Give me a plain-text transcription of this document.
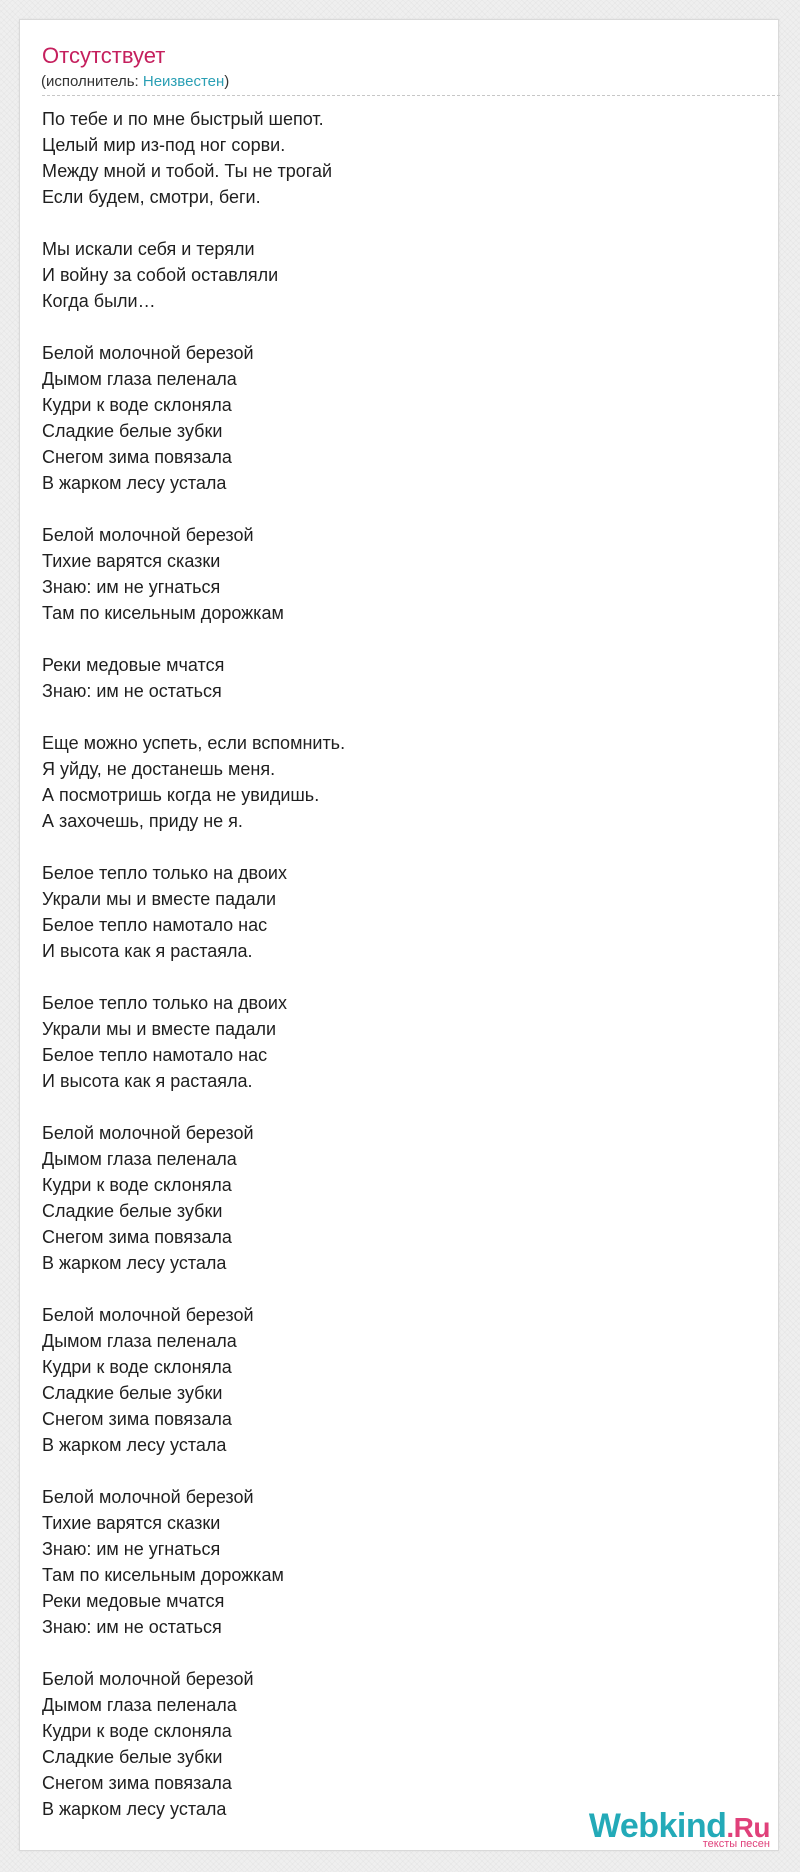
Отсутствует
(исполнитель: Неизвестен)
По тебе и по мне быстрый шепот.
Целый мир из-под ног сорви.
Между мной и тобой. Ты не трогай
Если будем, смотри, беги.
Мы искали себя и теряли
И войну за собой оставляли
Когда были…
Белой молочной березой
Дымом глаза пеленала
Кудри к воде склоняла
Сладкие белые зубки
Снегом зима повязала
В жарком лесу устала
Белой молочной березой
Тихие варятся сказки
Знаю: им не угнаться
Там по кисельным дорожкам
Реки медовые мчатся
Знаю: им не остаться
Еще можно успеть, если вспомнить.
Я уйду, не достанешь меня.
А посмотришь когда не увидишь.
А захочешь, приду не я.
Белое тепло только на двоих
Украли мы и вместе падали
Белое тепло намотало нас
И высота как я растаяла.
Белое тепло только на двоих
Украли мы и вместе падали
Белое тепло намотало нас
И высота как я растаяла.
Белой молочной березой
Дымом глаза пеленала
Кудри к воде склоняла
Сладкие белые зубки
Снегом зима повязала
В жарком лесу устала
Белой молочной березой
Дымом глаза пеленала
Кудри к воде склоняла
Сладкие белые зубки
Снегом зима повязала
В жарком лесу устала
Белой молочной березой
Тихие варятся сказки
Знаю: им не угнаться
Там по кисельным дорожкам
Реки медовые мчатся
Знаю: им не остаться
Белой молочной березой
Дымом глаза пеленала
Кудри к воде склоняла
Сладкие белые зубки
Снегом зима повязала
В жарком лесу устала	Webkind.Ru
тексты песен
